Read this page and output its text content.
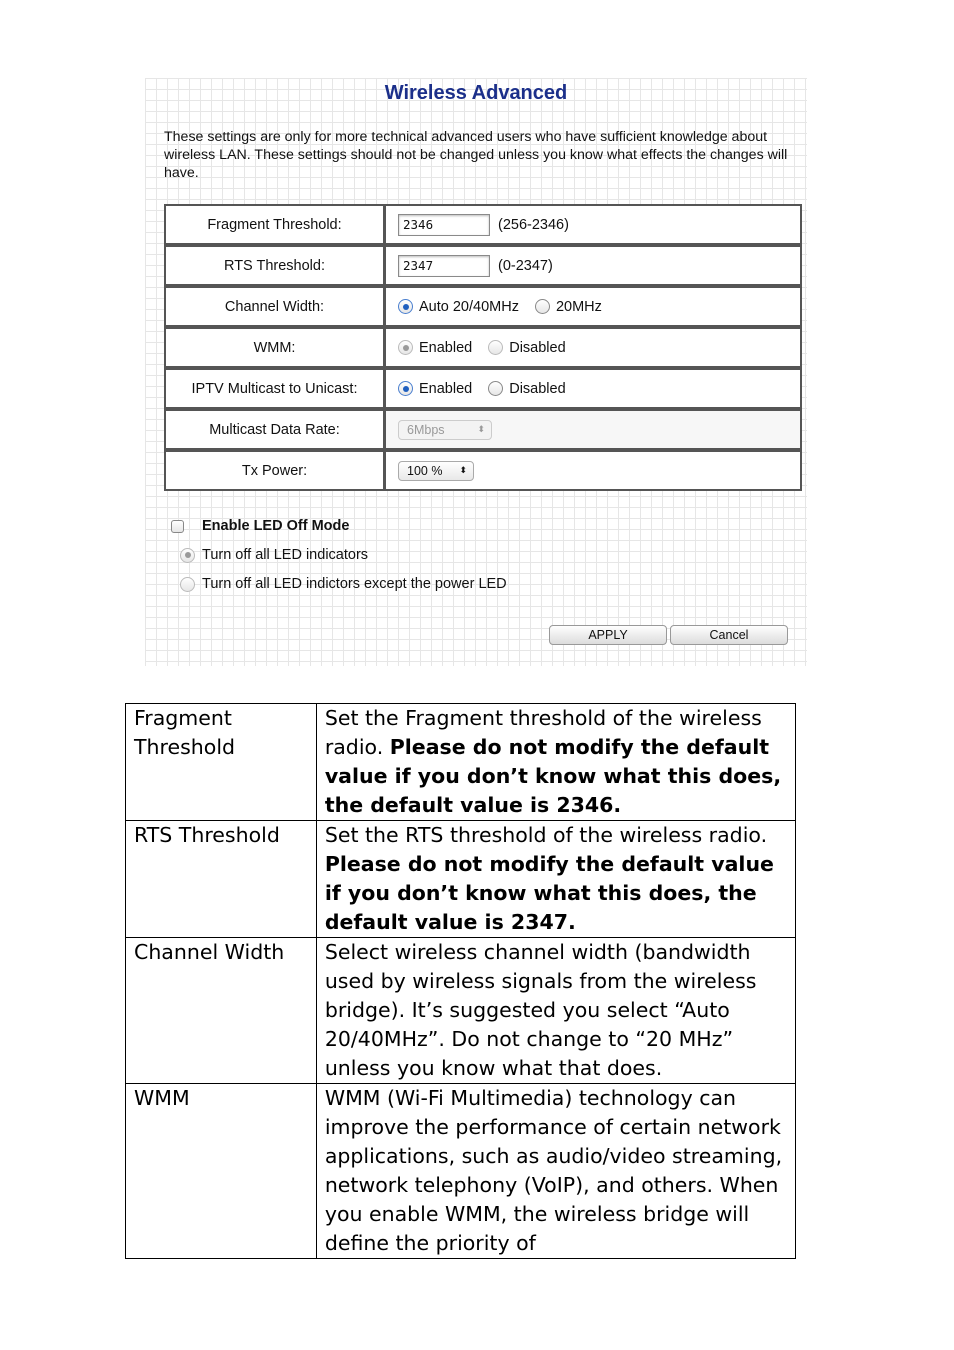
Wireless Advanced
These settings are only for more technical advanced users who have sufficient knowledge about wireless LAN. These settings should not be changed unless you know what effects the changes will have.
Fragment Threshold:	2346	(256-2346)
RTS Threshold:	2347	(0-2347)
Channel Width:	Auto 20/40MHz	20MHz
WMM:	Enabled	Disabled
IPTV Multicast to Unicast:	Enabled	Disabled
Multicast Data Rate:	6Mbps	⬍
Tx Power:	100 % ⬍
Enable LED Off Mode
Turn off all LED indicators
Turn off all LED indictors except the power LED
APPLY	Cancel
Fragment Threshold	Set the Fragment threshold of the wireless radio. Please do not modify the default value if you don’t know what this does, the default value is 2346.
RTS Threshold	Set the RTS threshold of the wireless radio. Please do not modify the default value if you don’t know what this does, the default value is 2347.
Channel Width	Select wireless channel width (bandwidth used by wireless signals from the wireless bridge). It’s suggested you select “Auto 20/40MHz”. Do not change to “20 MHz” unless you know what that does.
WMM	WMM (Wi-Fi Multimedia) technology can improve the performance of certain network applications, such as audio/video streaming, network telephony (VoIP), and others. When you enable WMM, the wireless bridge will define the priority of
